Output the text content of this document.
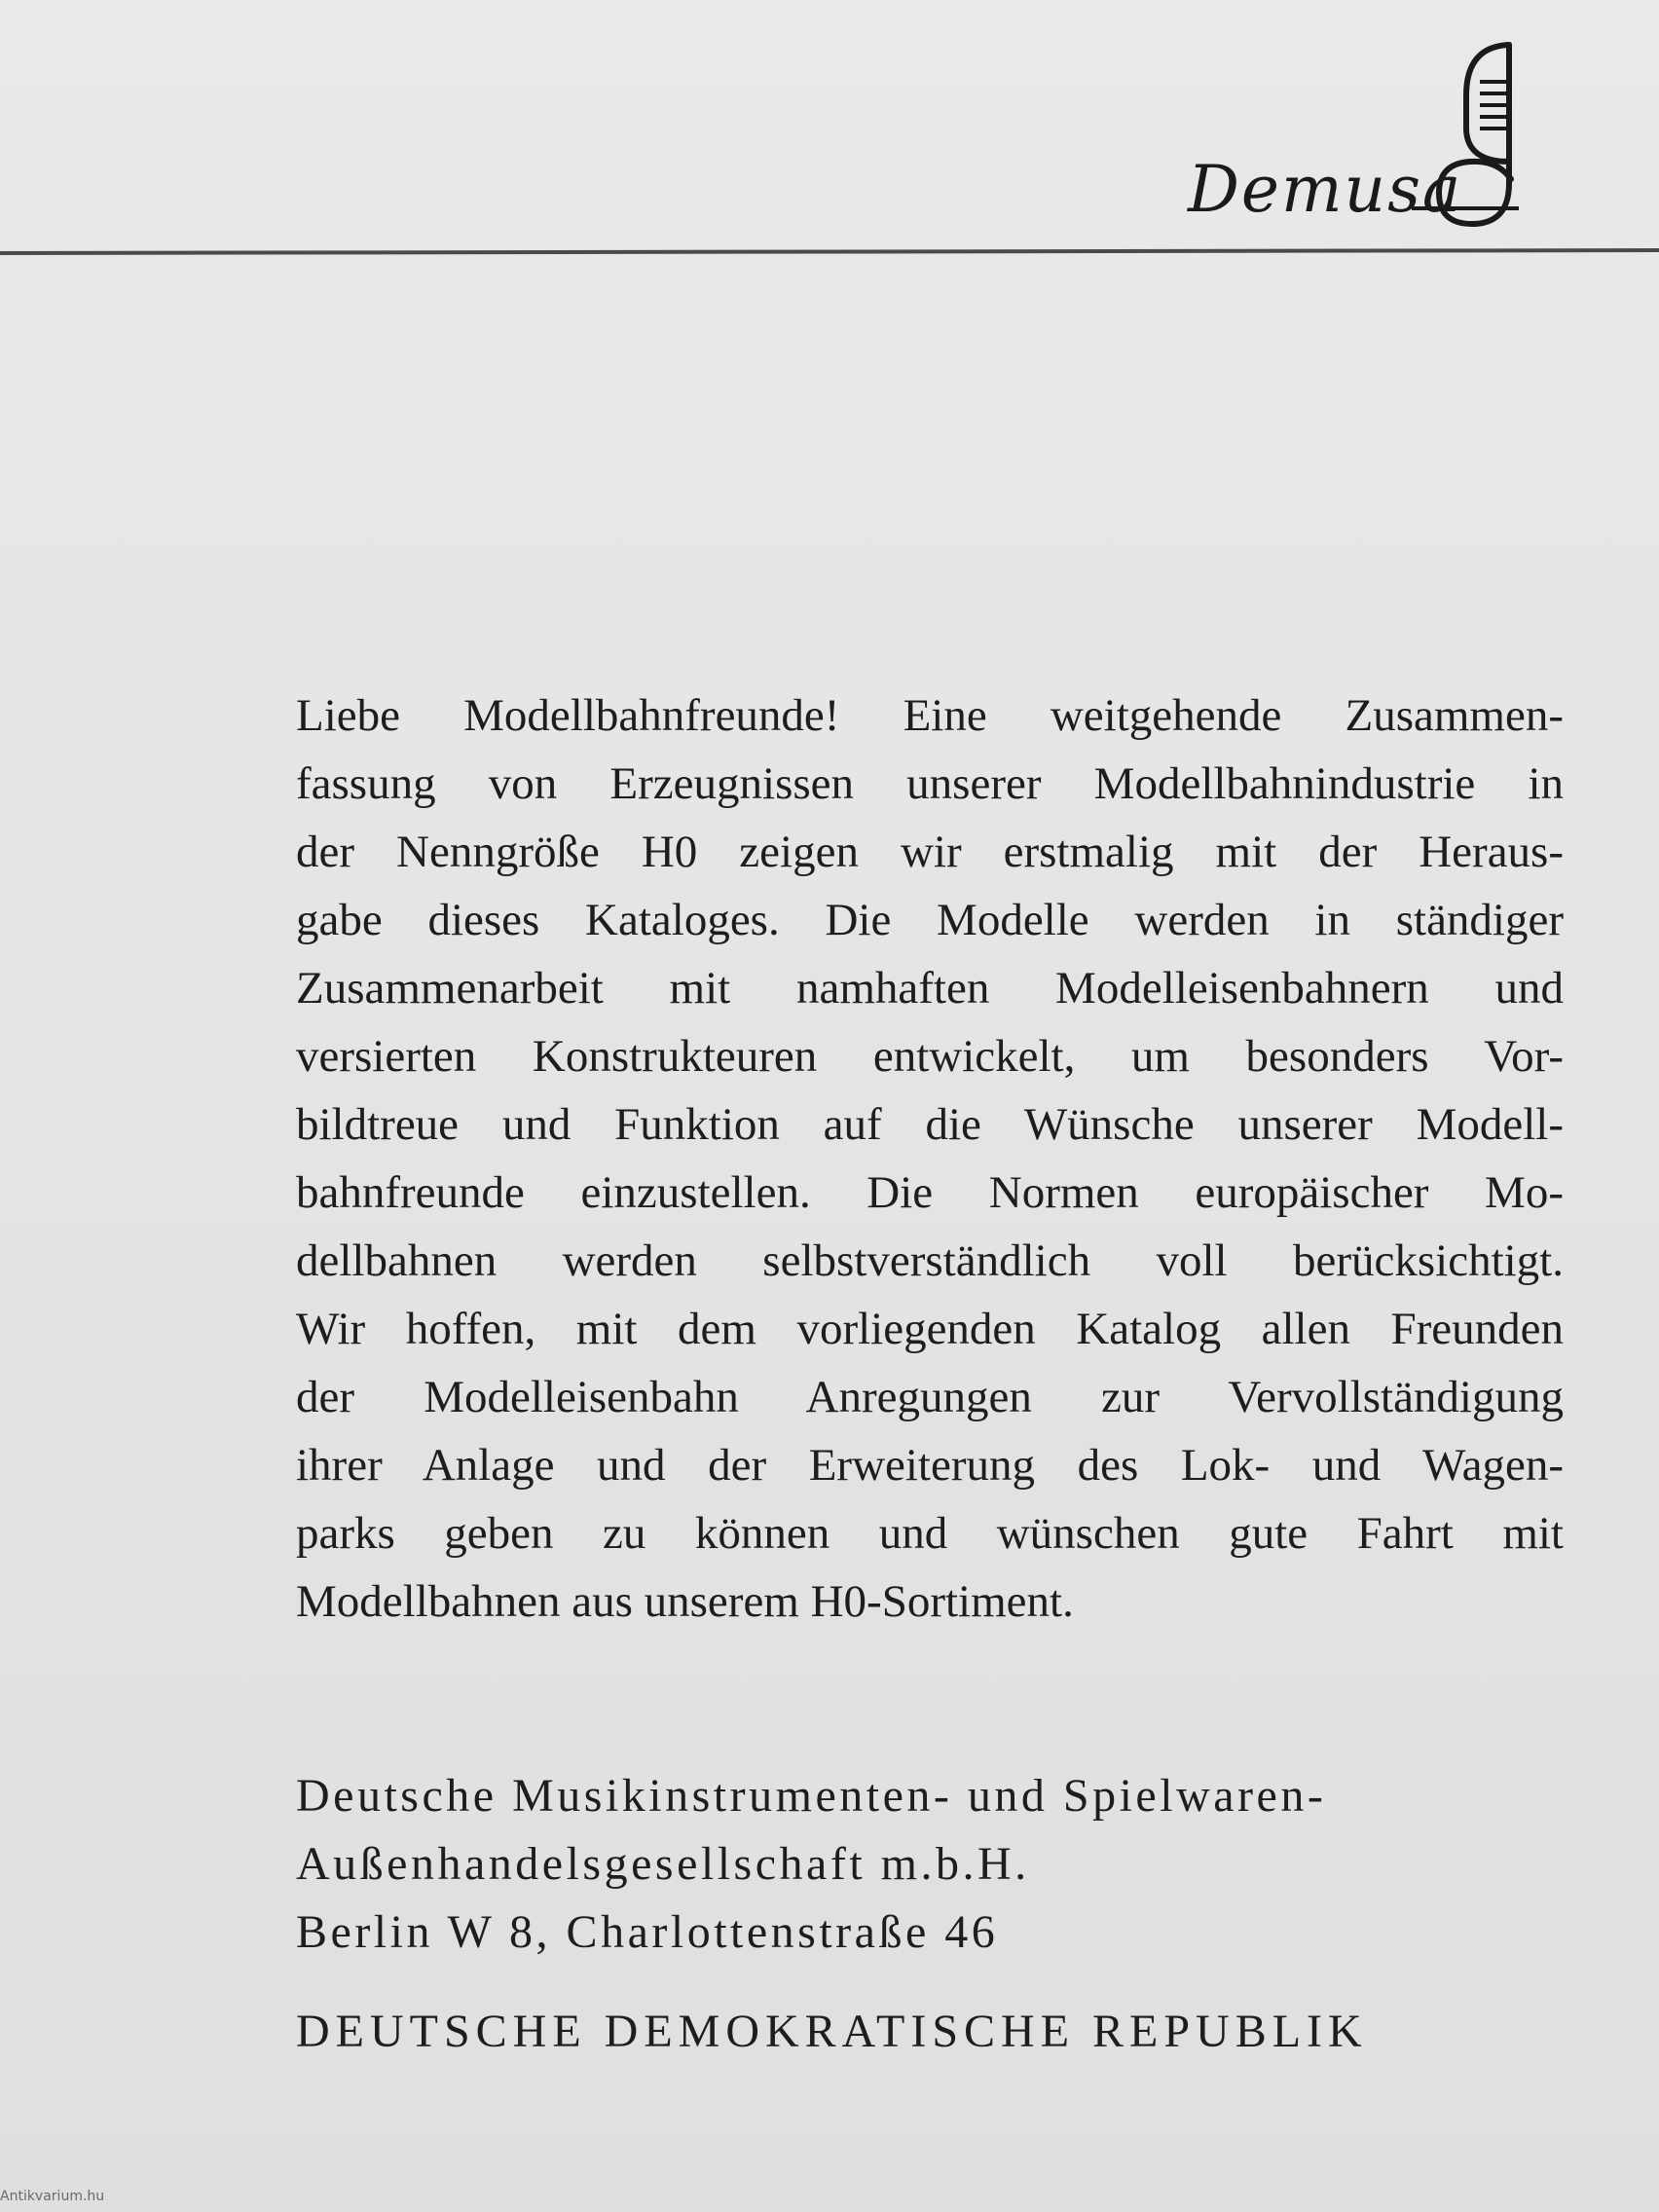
Demusa

Liebe Modellbahnfreunde! Eine weitgehende Zusammen-
fassung von Erzeugnissen unserer Modellbahnindustrie in
der Nenngröße H0 zeigen wir erstmalig mit der Heraus-
gabe dieses Kataloges. Die Modelle werden in ständiger
Zusammenarbeit mit namhaften Modelleisenbahnern und
versierten Konstrukteuren entwickelt, um besonders Vor-
bildtreue und Funktion auf die Wünsche unserer Modell-
bahnfreunde einzustellen. Die Normen europäischer Mo-
dellbahnen werden selbstverständlich voll berücksichtigt.
Wir hoffen, mit dem vorliegenden Katalog allen Freunden
der Modelleisenbahn Anregungen zur Vervollständigung
ihrer Anlage und der Erweiterung des Lok- und Wagen-
parks geben zu können und wünschen gute Fahrt mit
Modellbahnen aus unserem H0-Sortiment.

Deutsche Musikinstrumenten- und Spielwaren-
Außenhandelsgesellschaft m.b.H.
Berlin W 8, Charlottenstraße 46

DEUTSCHE DEMOKRATISCHE REPUBLIK

Antikvarium.hu
